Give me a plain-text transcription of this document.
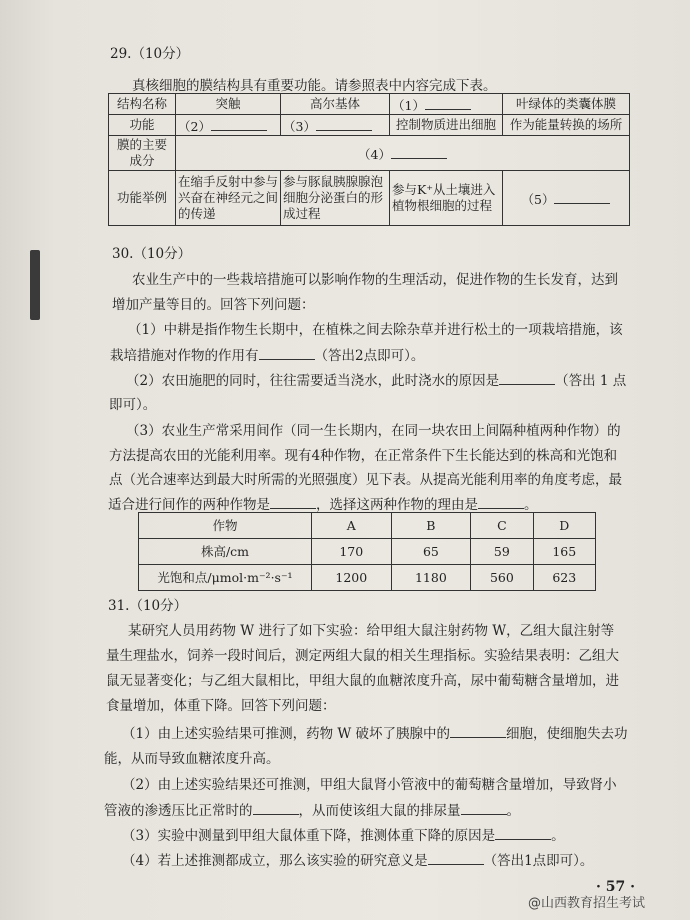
29.（10分）
真核细胞的膜结构具有重要功能。请参照表中内容完成下表。
结构名称	突触	高尔基体	（1）	叶绿体的类囊体膜
功能	（2）	（3）	控制物质进出细胞	作为能量转换的场所
膜的主要成分	（4）			
功能举例	在缩手反射中参与兴奋在神经元之间的传递	参与豚鼠胰腺腺泡细胞分泌蛋白的形成过程	参与K⁺从土壤进入植物根细胞的过程	（5）
30.（10分）
农业生产中的一些栽培措施可以影响作物的生理活动，促进作物的生长发育，达到
增加产量等目的。回答下列问题：
（1）中耕是指作物生长期中，在植株之间去除杂草并进行松土的一项栽培措施，该
栽培措施对作物的作用有	（答出2点即可）。
（2）农田施肥的同时，往往需要适当浇水，此时浇水的原因是	（答出 1 点
即可）。
（3）农业生产常采用间作（同一生长期内，在同一块农田上间隔种植两种作物）的
方法提高农田的光能利用率。现有4种作物，在正常条件下生长能达到的株高和光饱和
点（光合速率达到最大时所需的光照强度）见下表。从提高光能利用率的角度考虑，最
适合进行间作的两种作物是	，选择这两种作物的理由是	。
作物	A	B	C	D
株高/cm	170	65	59	165
光饱和点/μmol·m⁻²·s⁻¹	1200	1180	560	623
31.（10分）
某研究人员用药物 W 进行了如下实验：给甲组大鼠注射药物 W，乙组大鼠注射等
量生理盐水，饲养一段时间后，测定两组大鼠的相关生理指标。实验结果表明：乙组大
鼠无显著变化；与乙组大鼠相比，甲组大鼠的血糖浓度升高，尿中葡萄糖含量增加，进
食量增加，体重下降。回答下列问题：
（1）由上述实验结果可推测，药物 W 破坏了胰腺中的	细胞，使细胞失去功
能，从而导致血糖浓度升高。
（2）由上述实验结果还可推测，甲组大鼠肾小管液中的葡萄糖含量增加，导致肾小
管液的渗透压比正常时的	，从而使该组大鼠的排尿量	。
（3）实验中测量到甲组大鼠体重下降，推测体重下降的原因是	。
（4）若上述推测都成立，那么该实验的研究意义是	（答出1点即可）。
· 57 ·
@山西教育招生考试
